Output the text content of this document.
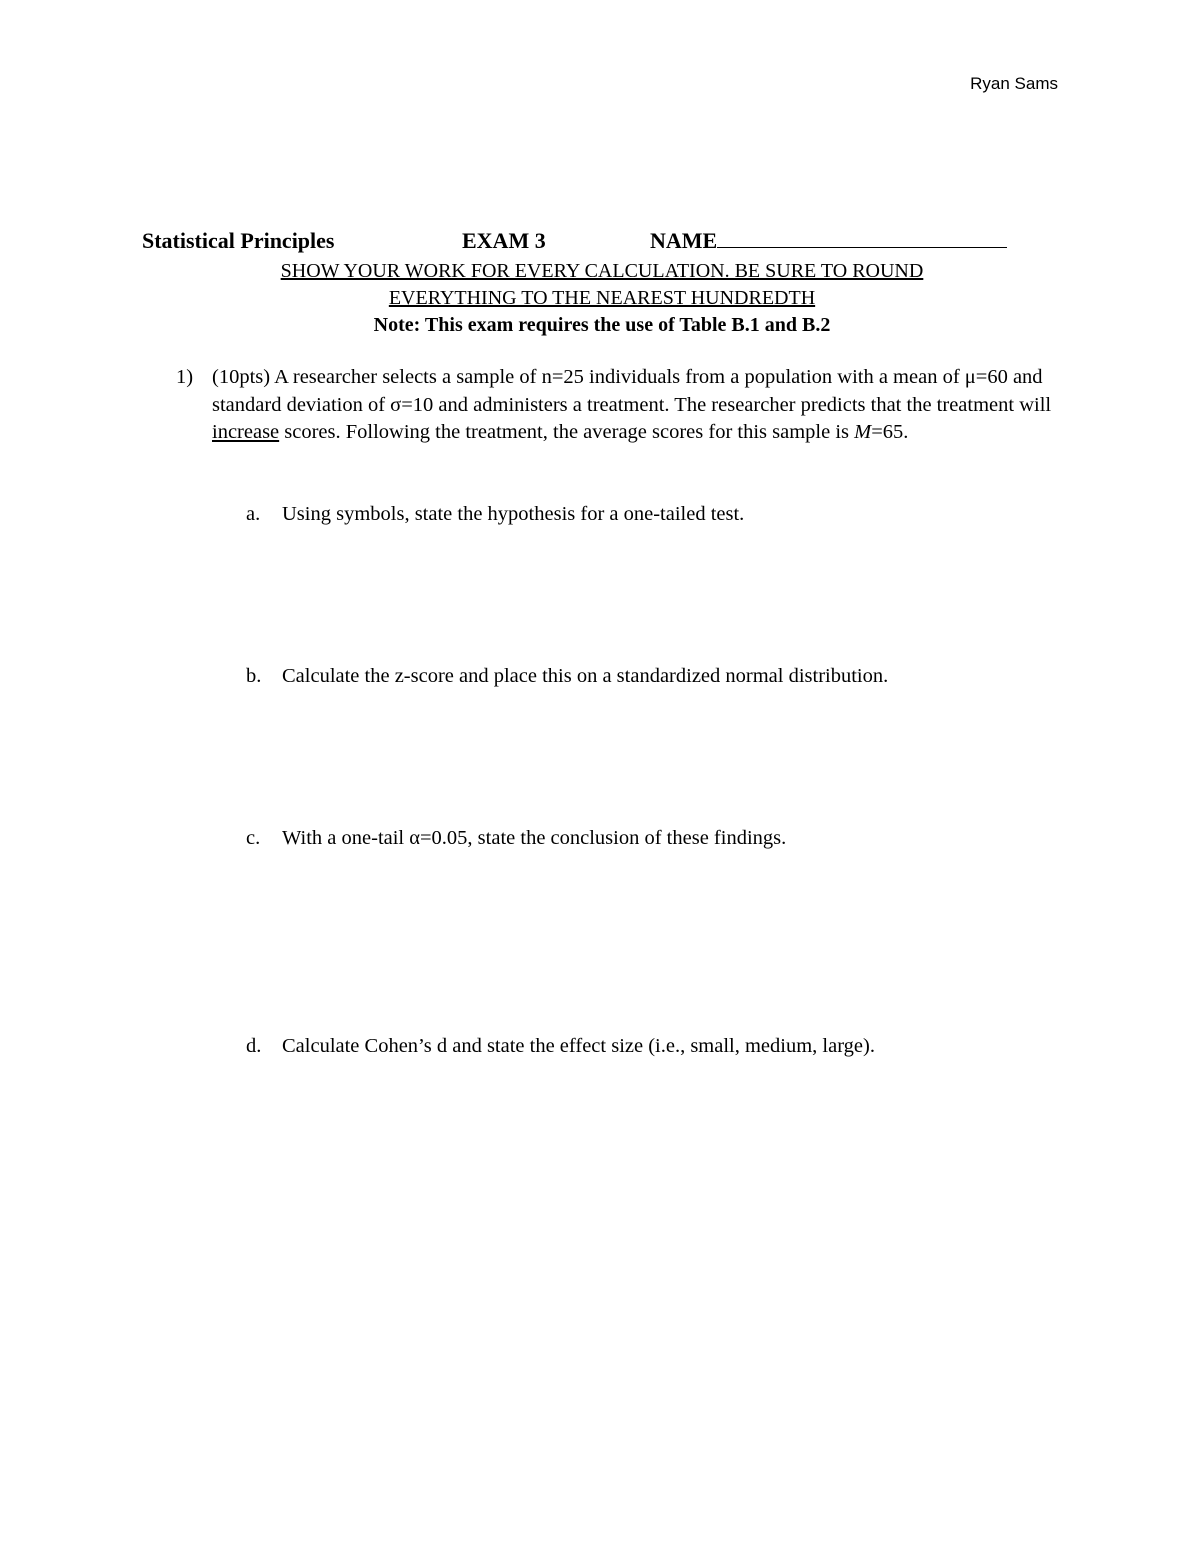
Ryan Sams
Statistical Principles	EXAM 3	NAME
SHOW YOUR WORK FOR EVERY CALCULATION. BE SURE TO ROUND
EVERYTHING TO THE NEAREST HUNDREDTH
Note: This exam requires the use of Table B.1 and B.2
1) (10pts) A researcher selects a sample of n=25 individuals from a population with a mean of μ=60 and standard deviation of σ=10 and administers a treatment. The researcher predicts that the treatment will increase scores. Following the treatment, the average scores for this sample is M=65.
a. Using symbols, state the hypothesis for a one-tailed test.
b. Calculate the z-score and place this on a standardized normal distribution.
c. With a one-tail α=0.05, state the conclusion of these findings.
d. Calculate Cohen’s d and state the effect size (i.e., small, medium, large).
